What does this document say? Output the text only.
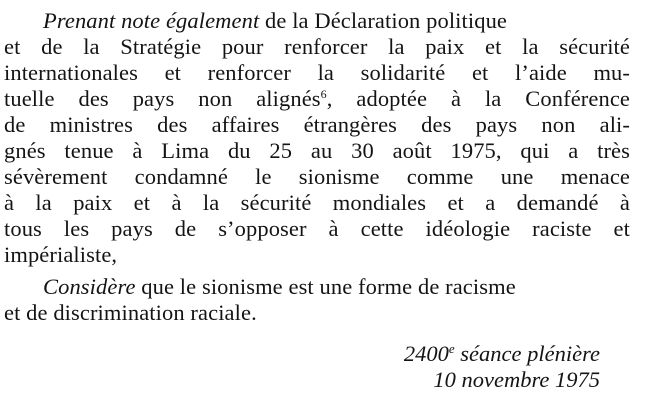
Prenant note également de la Déclaration politique
et de la Stratégie pour renforcer la paix et la sécurité
internationales et renforcer la solidarité et l’aide mu-
tuelle des pays non alignés$^6$, adoptée à la Conférence
de ministres des affaires étrangères des pays non ali-
gnés tenue à Lima du 25 au 30 août 1975, qui a très
sévèrement condamné le sionisme comme une menace
à la paix et à la sécurité mondiales et a demandé à
tous les pays de s’opposer à cette idéologie raciste et
impérialiste,
Considère que le sionisme est une forme de racisme
et de discrimination raciale.
2400e séance plénière
10 novembre 1975
